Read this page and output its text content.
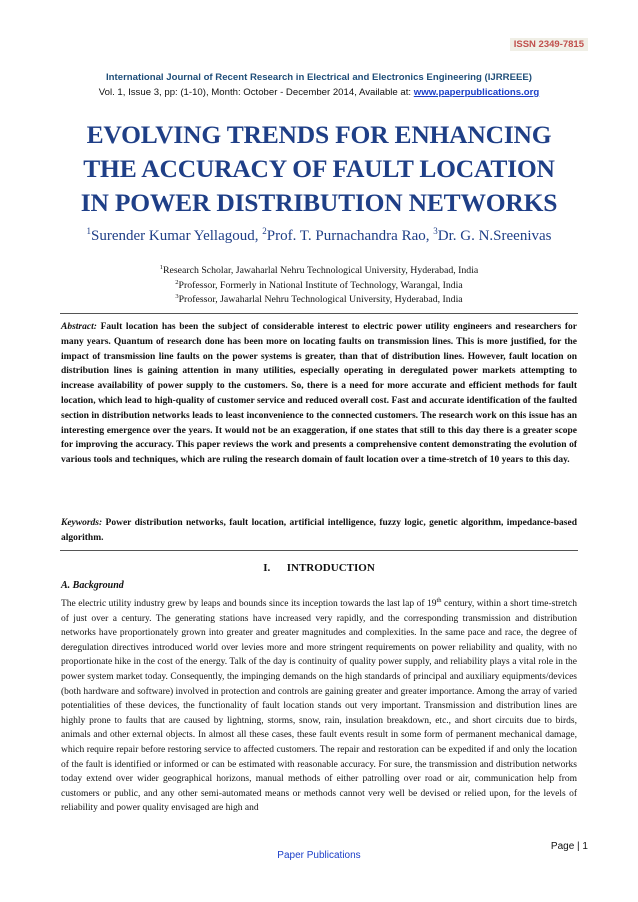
ISSN 2349-7815
International Journal of Recent Research in Electrical and Electronics Engineering (IJRREEE)
Vol. 1, Issue 3, pp: (1-10), Month: October - December 2014, Available at: www.paperpublications.org
EVOLVING TRENDS FOR ENHANCING
THE ACCURACY OF FAULT LOCATION
IN POWER DISTRIBUTION NETWORKS
$^1$Surender Kumar Yellagoud, $^2$Prof. T. Purnachandra Rao, $^3$Dr. G. N.Sreenivas
$^1$Research Scholar, Jawaharlal Nehru Technological University, Hyderabad, India
$^2$Professor, Formerly in National Institute of Technology, Warangal, India
$^3$Professor, Jawaharlal Nehru Technological University, Hyderabad, India

Abstract: Fault location has been the subject of considerable interest to electric power utility engineers and researchers for many years. Quantum of research done has been more on locating faults on transmission lines. This is more justified, for the impact of transmission line faults on the power systems is greater, than that of distribution lines. However, fault location on distribution lines is gaining attention in many utilities, especially operating in deregulated power markets attempting to increase availability of power supply to the customers. So, there is a need for more accurate and efficient methods for fault location, which lead to high-quality of customer service and reduced overall cost. Fast and accurate identification of the faulted section in distribution networks leads to least inconvenience to the connected customers. The research work on this issue has an interesting emergence over the years. It would not be an exaggeration, if one states that still to this day there is a greater scope for improving the accuracy. This paper reviews the work and presents a comprehensive content demonstrating the evolution of various tools and techniques, which are ruling the research domain of fault location over a time-stretch of 10 years to this day.

Keywords: Power distribution networks, fault location, artificial intelligence, fuzzy logic, genetic algorithm, impedance-based algorithm.

I.      INTRODUCTION
A. Background

The electric utility industry grew by leaps and bounds since its inception towards the last lap of 19th century, within a short time-stretch of just over a century. The generating stations have increased very rapidly, and the corresponding transmission and distribution networks have proportionately grown into greater and greater magnitudes and complexities. In the same pace and race, the degree of deregulation directives introduced world over levies more and more stringent requirements on power reliability and quality, with no proportionate hike in the cost of the energy. Talk of the day is continuity of quality power supply, and reliability plays a vital role in the power system market today. Consequently, the impinging demands on the high standards of principal and auxiliary equipments/devices (both hardware and software) involved in protection and controls are gaining greater and greater importance. Among the array of varied potentialities of these devices, the functionality of fault location stands out very important. Transmission and distribution lines are highly prone to faults that are caused by lightning, storms, snow, rain, insulation breakdown, etc., and short circuits due to birds, animals and other external objects. In almost all these cases, these fault events result in some form of permanent mechanical damage, which require repair before restoring service to affected customers. The repair and restoration can be expedited if and only the location of the fault is identified or informed or can be estimated with reasonable accuracy. For sure, the transmission and distribution networks today extend over wider geographical horizons, manual methods of either patrolling over road or air, communication help from customers or public, and any other semi-automated means or methods cannot very well be devised or relied upon, for the levels of reliability and power quality envisaged are high and

Page | 1
Paper Publications
